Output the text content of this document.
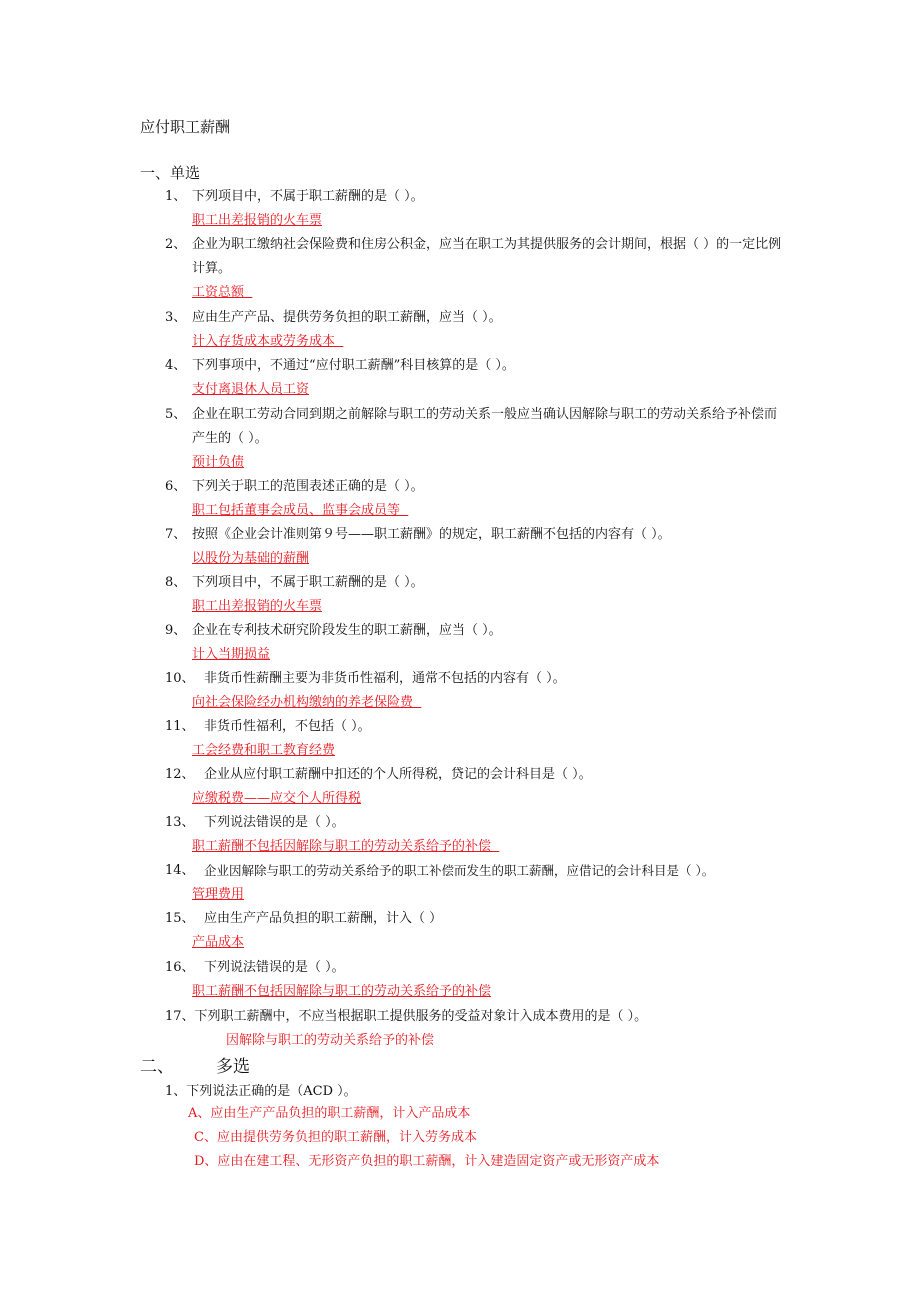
应付职工薪酬
一、单选
1、 下列项目中，不属于职工薪酬的是（ ）。
职工出差报销的火车票
2、 企业为职工缴纳社会保险费和住房公积金，应当在职工为其提供服务的会计期间，根据（ ）的一定比例计算。
工资总额
3、 应由生产产品、提供劳务负担的职工薪酬，应当（ ）。
计入存货成本或劳务成本
4、 下列事项中，不通过“应付职工薪酬”科目核算的是（ ）。
支付离退休人员工资
5、 企业在职工劳动合同到期之前解除与职工的劳动关系一般应当确认因解除与职工的劳动关系给予补偿而产生的（ ）。
预计负债
6、 下列关于职工的范围表述正确的是（ ）。
职工包括董事会成员、监事会成员等
7、 按照《企业会计准则第９号——职工薪酬》的规定，职工薪酬不包括的内容有（ ）。
以股份为基础的薪酬
8、 下列项目中，不属于职工薪酬的是（ ）。
职工出差报销的火车票
9、 企业在专利技术研究阶段发生的职工薪酬，应当（ ）。
计入当期损益
10、 非货币性薪酬主要为非货币性福利，通常不包括的内容有（ ）。
向社会保险经办机构缴纳的养老保险费
11、 非货币性福利，不包括（ ）。
工会经费和职工教育经费
12、 企业从应付职工薪酬中扣还的个人所得税，贷记的会计科目是（ ）。
应缴税费——应交个人所得税
13、 下列说法错误的是（ ）。
职工薪酬不包括因解除与职工的劳动关系给予的补偿
14、 企业因解除与职工的劳动关系给予的职工补偿而发生的职工薪酬，应借记的会计科目是（ ）。
管理费用
15、 应由生产产品负担的职工薪酬，计入（ ）
产品成本
16、 下列说法错误的是（ ）。
职工薪酬不包括因解除与职工的劳动关系给予的补偿
17、下列职工薪酬中，不应当根据职工提供服务的受益对象计入成本费用的是（ ）。
因解除与职工的劳动关系给予的补偿
二、 多选
1、下列说法正确的是（ACD ）。
A、应由生产产品负担的职工薪酬，计入产品成本
C、应由提供劳务负担的职工薪酬，计入劳务成本
D、应由在建工程、无形资产负担的职工薪酬，计入建造固定资产或无形资产成本
